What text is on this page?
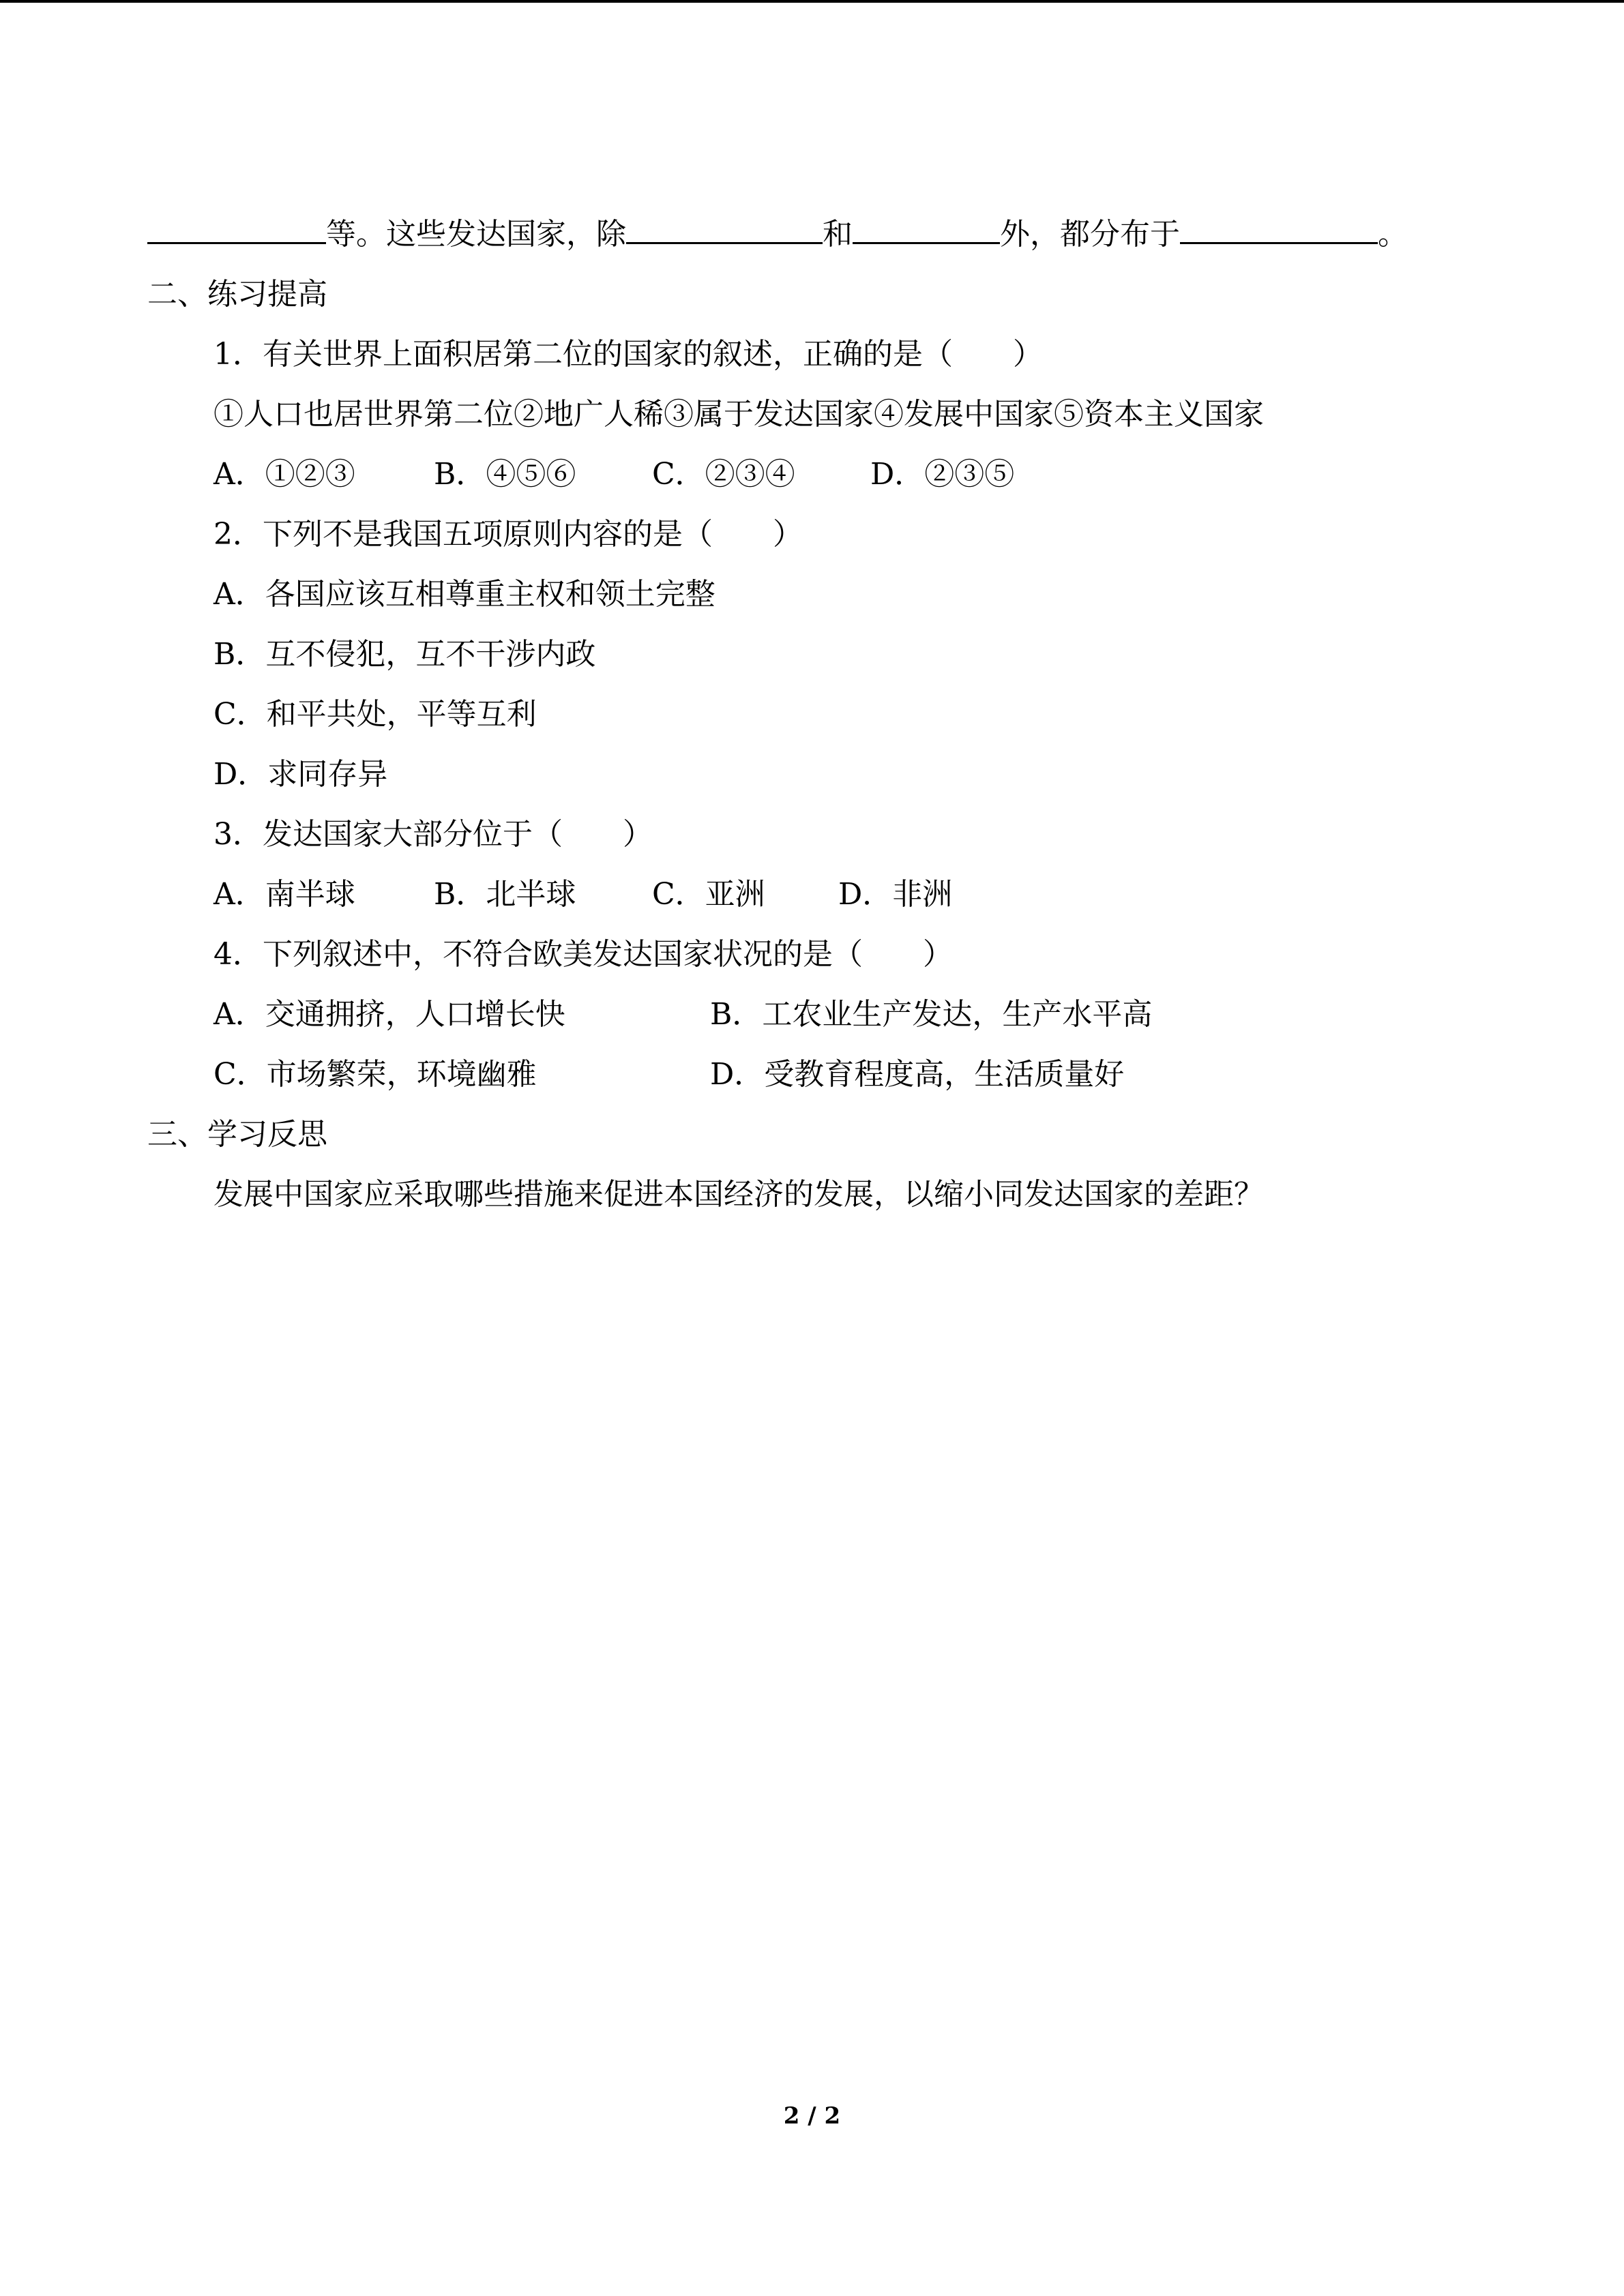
等。这些发达国家，除	和	外，都分布于	。
二、练习提高
1．有关世界上面积居第二位的国家的叙述，正确的是（ ）
①人口也居世界第二位②地广人稀③属于发达国家④发展中国家⑤资本主义国家
A．①②③	B．④⑤⑥	C．②③④	D．②③⑤
2．下列不是我国五项原则内容的是（ ）
A．各国应该互相尊重主权和领土完整
B．互不侵犯，互不干涉内政
C．和平共处，平等互利
D．求同存异
3．发达国家大部分位于（ ）
A．南半球	B．北半球	C．亚洲 D．非洲
4．下列叙述中，不符合欧美发达国家状况的是（ ）
A．交通拥挤，人口增长快	B．工农业生产发达，生产水平高
C．市场繁荣，环境幽雅	D．受教育程度高，生活质量好
三、学习反思
发展中国家应采取哪些措施来促进本国经济的发展，以缩小同发达国家的差距？
2 / 2
